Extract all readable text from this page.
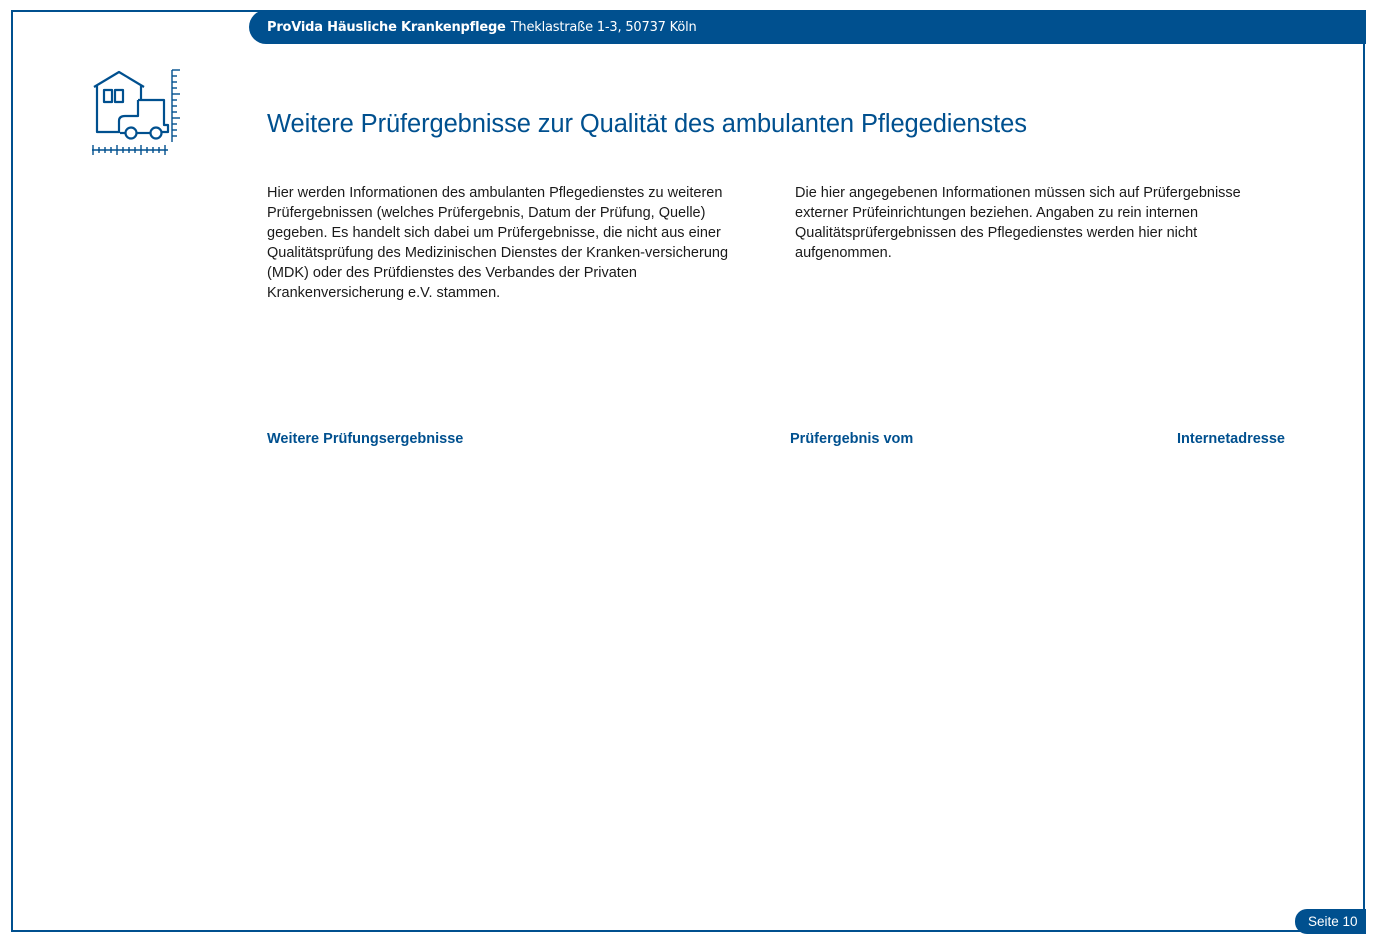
ProVida Häusliche Krankenpflege Theklastraße 1-3, 50737 Köln
Weitere Prüfergebnisse zur Qualität des ambulanten Pflegedienstes

Hier werden Informationen des ambulanten Pflegedienstes zu weiteren Prüfergebnissen (welches Prüfergebnis, Datum der Prüfung, Quelle) gegeben. Es handelt sich dabei um Prüfergebnisse, die nicht aus einer Qualitätsprüfung des Medizinischen Dienstes der Kranken-versicherung (MDK) oder des Prüfdienstes des Verbandes der Privaten Krankenversicherung e.V. stammen.

Die hier angegebenen Informationen müssen sich auf Prüfergebnisse externer Prüfeinrichtungen beziehen. Angaben zu rein internen Qualitätsprüfergebnissen des Pflegedienstes werden hier nicht aufgenommen.

Weitere Prüfungsergebnisse	Prüfergebnis vom	Internetadresse
Seite 10
